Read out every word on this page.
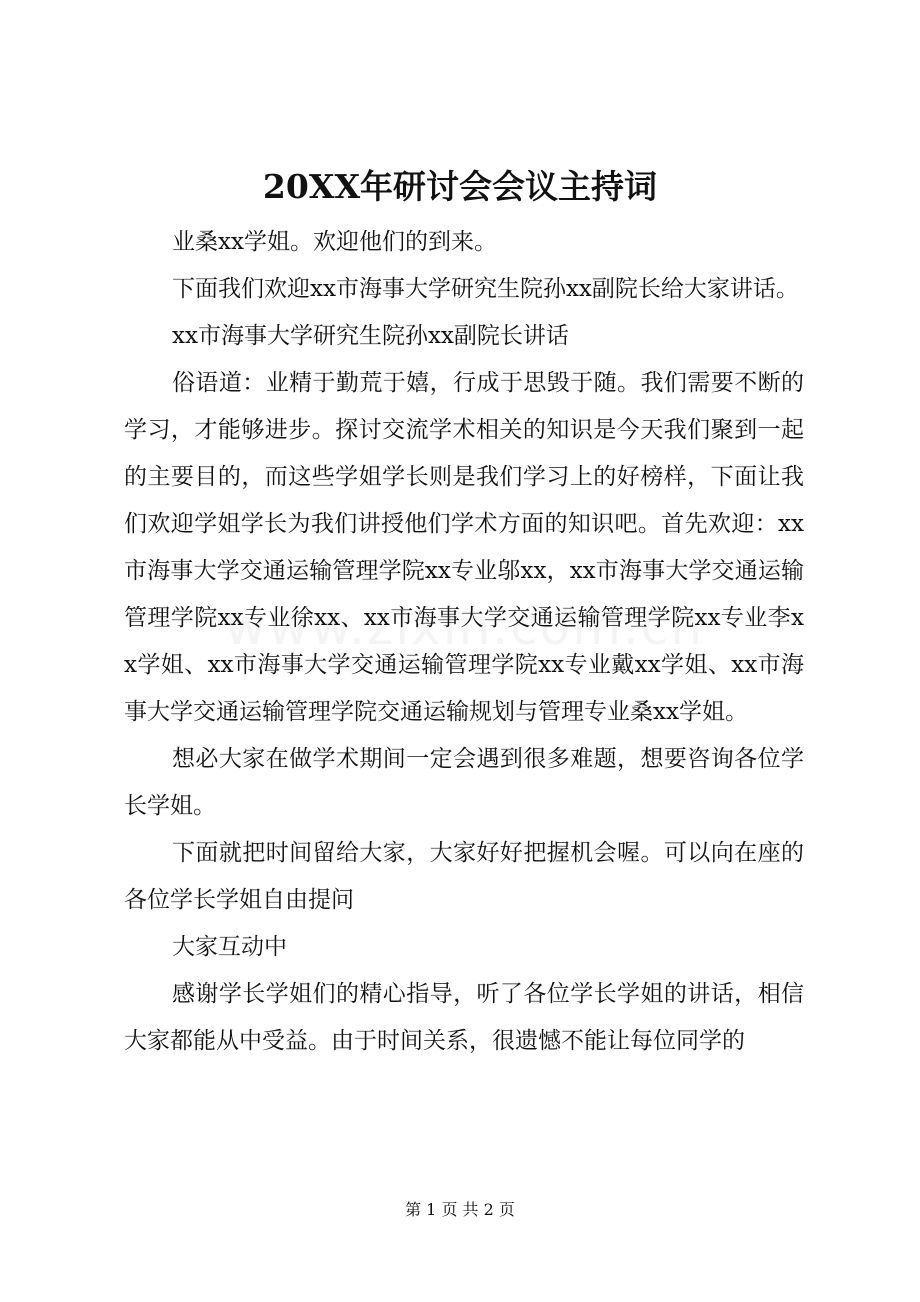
20XX年研讨会会议主持词

业桑xx学姐。欢迎他们的到来。

下面我们欢迎xx市海事大学研究生院孙xx副院长给大家讲话。

xx市海事大学研究生院孙xx副院长讲话

俗语道：业精于勤荒于嬉，行成于思毁于随。我们需要不断的学习，才能够进步。探讨交流学术相关的知识是今天我们聚到一起的主要目的，而这些学姐学长则是我们学习上的好榜样，下面让我们欢迎学姐学长为我们讲授他们学术方面的知识吧。首先欢迎：xx市海事大学交通运输管理学院xx专业邬xx，xx市海事大学交通运输管理学院xx专业徐xx、xx市海事大学交通运输管理学院xx专业李xx学姐、xx市海事大学交通运输管理学院xx专业戴xx学姐、xx市海事大学交通运输管理学院交通运输规划与管理专业桑xx学姐。

想必大家在做学术期间一定会遇到很多难题，想要咨询各位学长学姐。

下面就把时间留给大家，大家好好把握机会喔。可以向在座的各位学长学姐自由提问

大家互动中

感谢学长学姐们的精心指导，听了各位学长学姐的讲话，相信大家都能从中受益。由于时间关系，很遗憾不能让每位同学的

第 1 页 共 2 页
